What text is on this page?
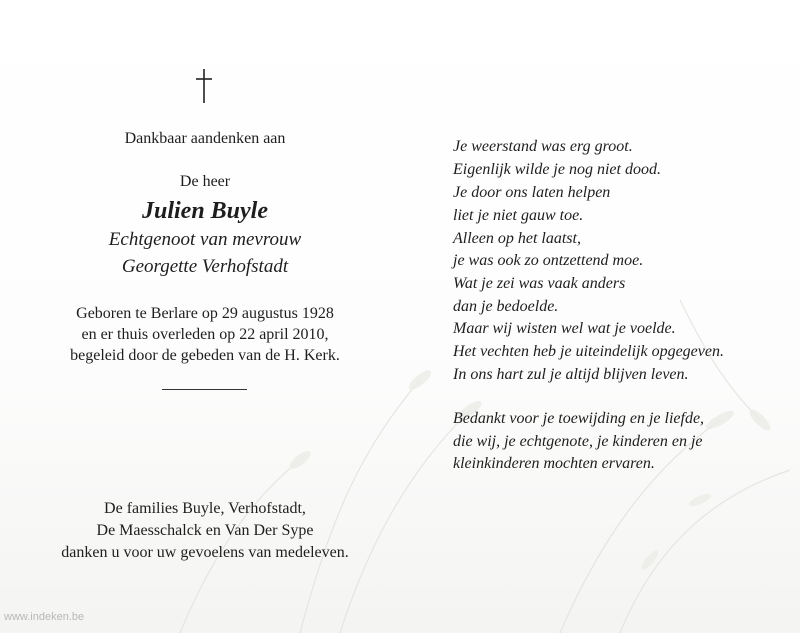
Dankbaar aandenken aan
De heer
Julien Buyle
Echtgenoot van mevrouw
Georgette Verhofstadt
Geboren te Berlare op 29 augustus 1928
en er thuis overleden op 22 april 2010,
begeleid door de gebeden van de H. Kerk.
De families Buyle, Verhofstadt,
De Maesschalck en Van Der Sype
danken u voor uw gevoelens van medeleven.
Je weerstand was erg groot.
Eigenlijk wilde je nog niet dood.
Je door ons laten helpen
liet je niet gauw toe.
Alleen op het laatst,
je was ook zo ontzettend moe.
Wat je zei was vaak anders
dan je bedoelde.
Maar wij wisten wel wat je voelde.
Het vechten heb je uiteindelijk opgegeven.
In ons hart zul je altijd blijven leven.
Bedankt voor je toewijding en je liefde,
die wij, je echtgenote, je kinderen en je
kleinkinderen mochten ervaren.
www.indeken.be
